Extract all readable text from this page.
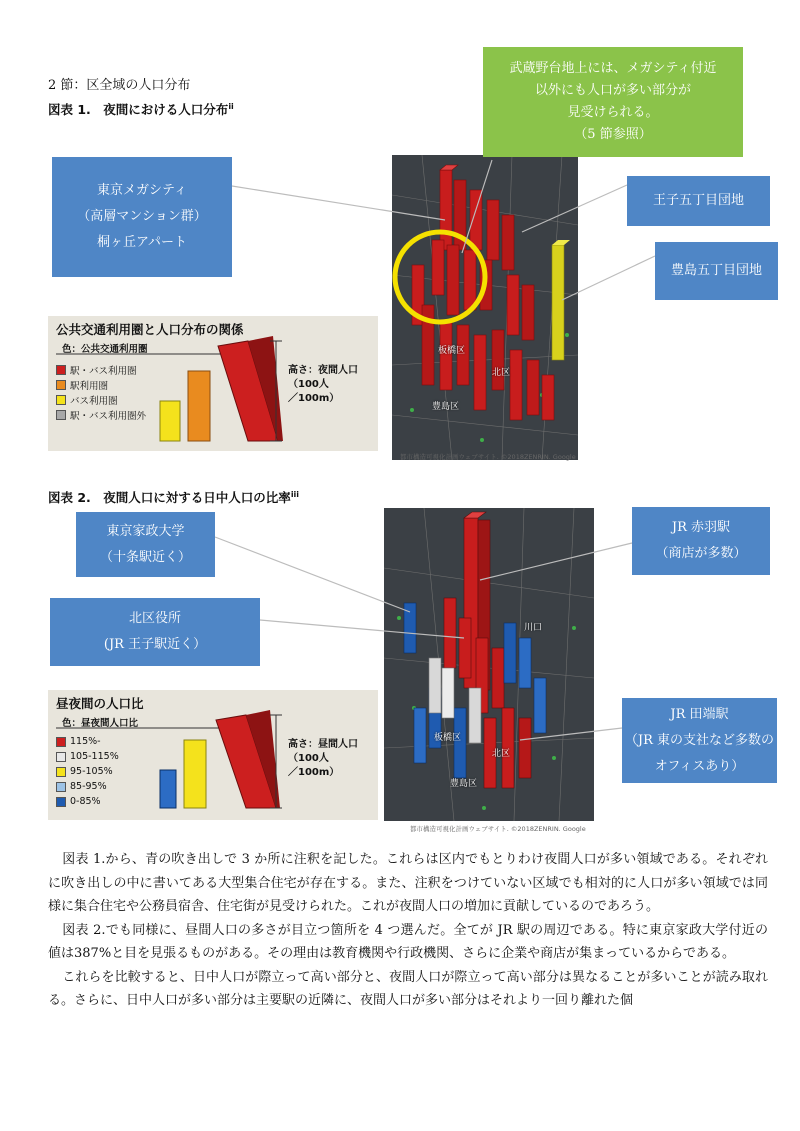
2 節：区全域の人口分布
図表 1.　夜間における人口分布$^{ii}$
板橋区
北区
豊島区
都市構造可視化計画ウェブサイト. ©2018ZENRIN. Google
東京メガシティ
（高層マンション群）
桐ヶ丘アパート
武蔵野台地上には、メガシティ付近
以外にも人口が多い部分が
見受けられる。
（5 節参照）
王子五丁目団地
豊島五丁目団地
公共交通利用圏と人口分布の関係
色：公共交通利用圏
駅・バス利用圏
駅利用圏
バス利用圏
駅・バス利用圏外
高さ：夜間人口
（100人
／100m）
図表 2.　夜間人口に対する日中人口の比率$^{iii}$
板橋区
北区
豊島区
川口
都市構造可視化計画ウェブサイト. ©2018ZENRIN. Google
東京家政大学
（十条駅近く）
JR 赤羽駅
（商店が多数）
北区役所
(JR 王子駅近く）
JR 田端駅
（JR 東の支社など多数の
オフィスあり）
昼夜間の人口比
色：昼夜間人口比
115%-
105-115%
95-105%
85-95%
0-85%
高さ：昼間人口
（100人
／100m）

図表 1.から、青の吹き出しで 3 か所に注釈を記した。これらは区内でもとりわけ夜間人口が多い領域である。それぞれに吹き出しの中に書いてある大型集合住宅が存在する。また、注釈をつけていない区域でも相対的に人口が多い領域では同様に集合住宅や公務員宿舎、住宅街が見受けられた。これが夜間人口の増加に貢献しているのであろう。

図表 2.でも同様に、昼間人口の多さが目立つ箇所を 4 つ選んだ。全てが JR 駅の周辺である。特に東京家政大学付近の値は387%と目を見張るものがある。その理由は教育機関や行政機関、さらに企業や商店が集まっているからである。

これらを比較すると、日中人口が際立って高い部分と、夜間人口が際立って高い部分は異なることが多いことが読み取れる。さらに、日中人口が多い部分は主要駅の近隣に、夜間人口が多い部分はそれより一回り離れた個
